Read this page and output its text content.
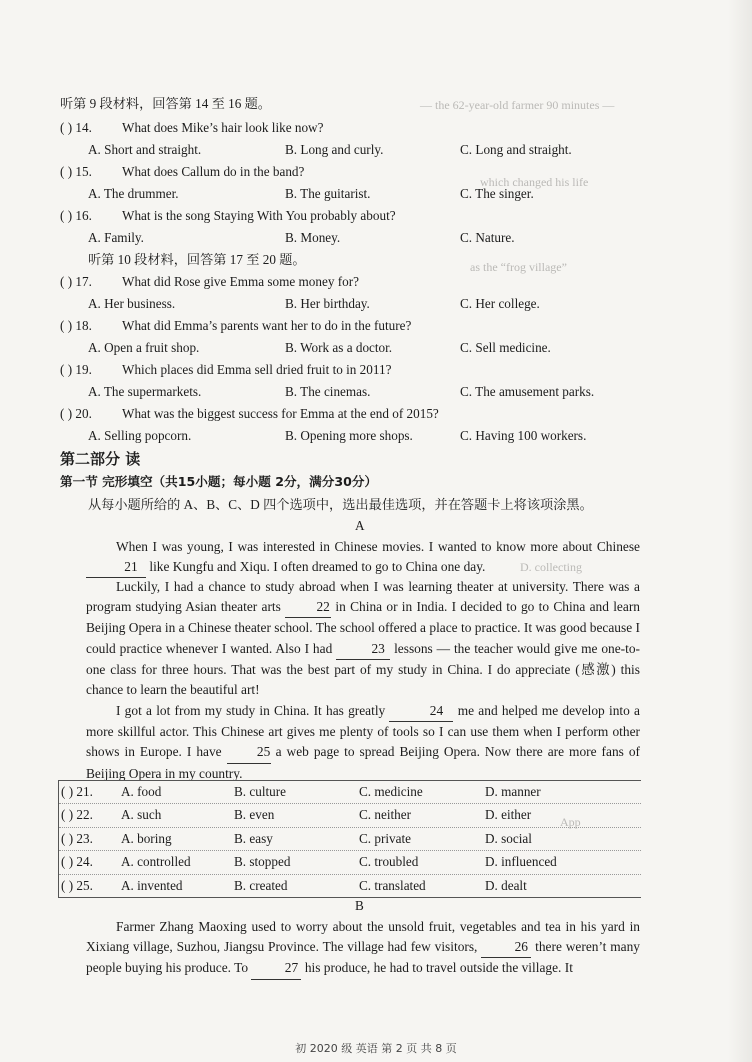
— the 62-year-old farmer 90 minutes —
which changed his life
as the “frog village”
D. collecting
App
听第 9 段材料，回答第 14 至 16 题。
( ) 14. What does Mike’s hair look like now?
A. Short and straight.	B. Long and curly.	C. Long and straight.
( ) 15. What does Callum do in the band?
A. The drummer.	B. The guitarist.	C. The singer.
( ) 16. What is the song Staying With You probably about?
A. Family.	B. Money.	C. Nature.
听第 10 段材料，回答第 17 至 20 题。
( ) 17. What did Rose give Emma some money for?
A. Her business.	B. Her birthday.	C. Her college.
( ) 18. What did Emma’s parents want her to do in the future?
A. Open a fruit shop.	B. Work as a doctor.	C. Sell medicine.
( ) 19. Which places did Emma sell dried fruit to in 2011?
A. The supermarkets.	B. The cinemas.	C. The amusement parks.
( ) 20. What was the biggest success for Emma at the end of 2015?
A. Selling popcorn.	B. Opening more shops.	C. Having 100 workers.
第二部分 读
第一节 完形填空（共15小题；每小题 2分，满分30分）
从每小题所给的 A、B、C、D 四个选项中，选出最佳选项，并在答题卡上将该项涂黑。
A
When I was young, I was interested in Chinese movies. I wanted to know more about Chinese 21 like Kungfu and Xiqu. I often dreamed to go to China one day.
Luckily, I had a chance to study abroad when I was learning theater at university. There was a program studying Asian theater arts	22 in China or in India. I decided to go to China and learn Beijing Opera in a Chinese theater school. The school offered a place to practice. It was good because I could practice whenever I wanted. Also I had	23 lessons — the teacher would give me one-to-one class for three hours. That was the best part of my study in China. I do appreciate (感激) this chance to learn the beautiful art!
I got a lot from my study in China. It has greatly	24 me and helped me develop into a more skillful actor. This Chinese art gives me plenty of tools so I can use them when I perform other shows in Europe. I have	25 a web page to spread Beijing Opera. Now there are more fans of Beijing Opera in my country.
( ) 21. A. food	B. culture	C. medicine	D. manner
( ) 22. A. such	B. even	C. neither	D. either
( ) 23. A. boring	B. easy	C. private	D. social
( ) 24. A. controlled	B. stopped	C. troubled	D. influenced
( ) 25. A. invented	B. created	C. translated	D. dealt
B
Farmer Zhang Maoxing used to worry about the unsold fruit, vegetables and tea in his yard in Xixiang village, Suzhou, Jiangsu Province. The village had few visitors,	26 there weren’t many people buying his produce. To	27 his produce, he had to travel outside the village. It
初 2020 级 英语 第 2 页 共 8 页
